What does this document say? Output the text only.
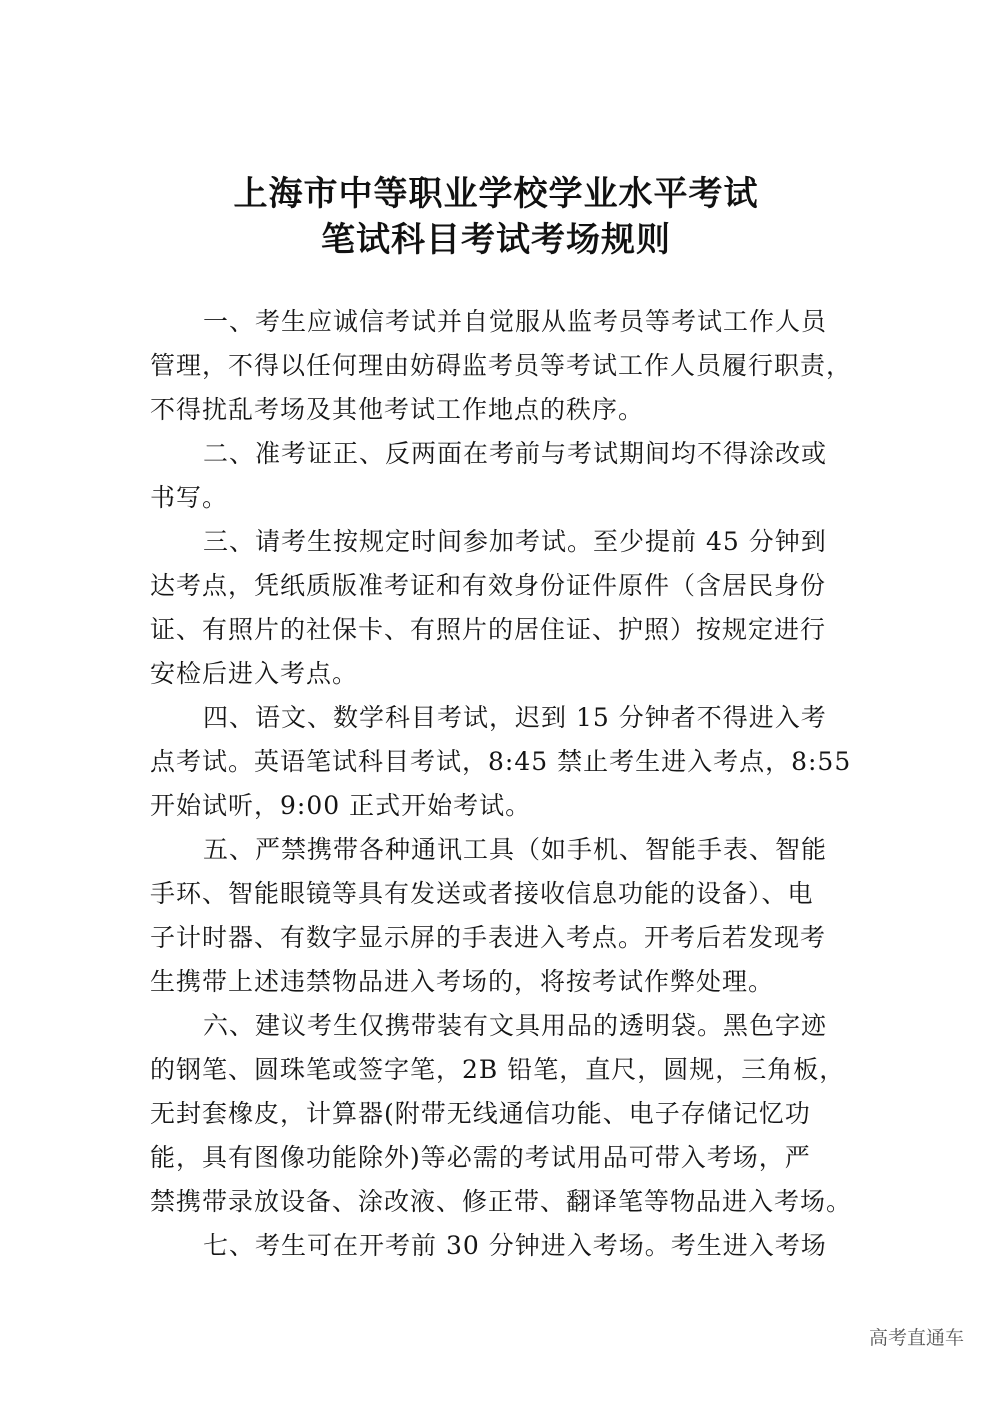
上海市中等职业学校学业水平考试
笔试科目考试考场规则
一、考生应诚信考试并自觉服从监考员等考试工作人员
管理，不得以任何理由妨碍监考员等考试工作人员履行职责，
不得扰乱考场及其他考试工作地点的秩序。
二、准考证正、反两面在考前与考试期间均不得涂改或
书写。
三、请考生按规定时间参加考试。至少提前 45 分钟到
达考点，凭纸质版准考证和有效身份证件原件（含居民身份
证、有照片的社保卡、有照片的居住证、护照）按规定进行
安检后进入考点。
四、语文、数学科目考试，迟到 15 分钟者不得进入考
点考试。英语笔试科目考试，8:45 禁止考生进入考点，8:55
开始试听，9:00 正式开始考试。
五、严禁携带各种通讯工具（如手机、智能手表、智能
手环、智能眼镜等具有发送或者接收信息功能的设备）、电
子计时器、有数字显示屏的手表进入考点。开考后若发现考
生携带上述违禁物品进入考场的，将按考试作弊处理。
六、建议考生仅携带装有文具用品的透明袋。黑色字迹
的钢笔、圆珠笔或签字笔，2B 铅笔，直尺，圆规，三角板，
无封套橡皮，计算器(附带无线通信功能、电子存储记忆功
能，具有图像功能除外)等必需的考试用品可带入考场，严
禁携带录放设备、涂改液、修正带、翻译笔等物品进入考场。
七、考生可在开考前 30 分钟进入考场。考生进入考场
高考直通车
